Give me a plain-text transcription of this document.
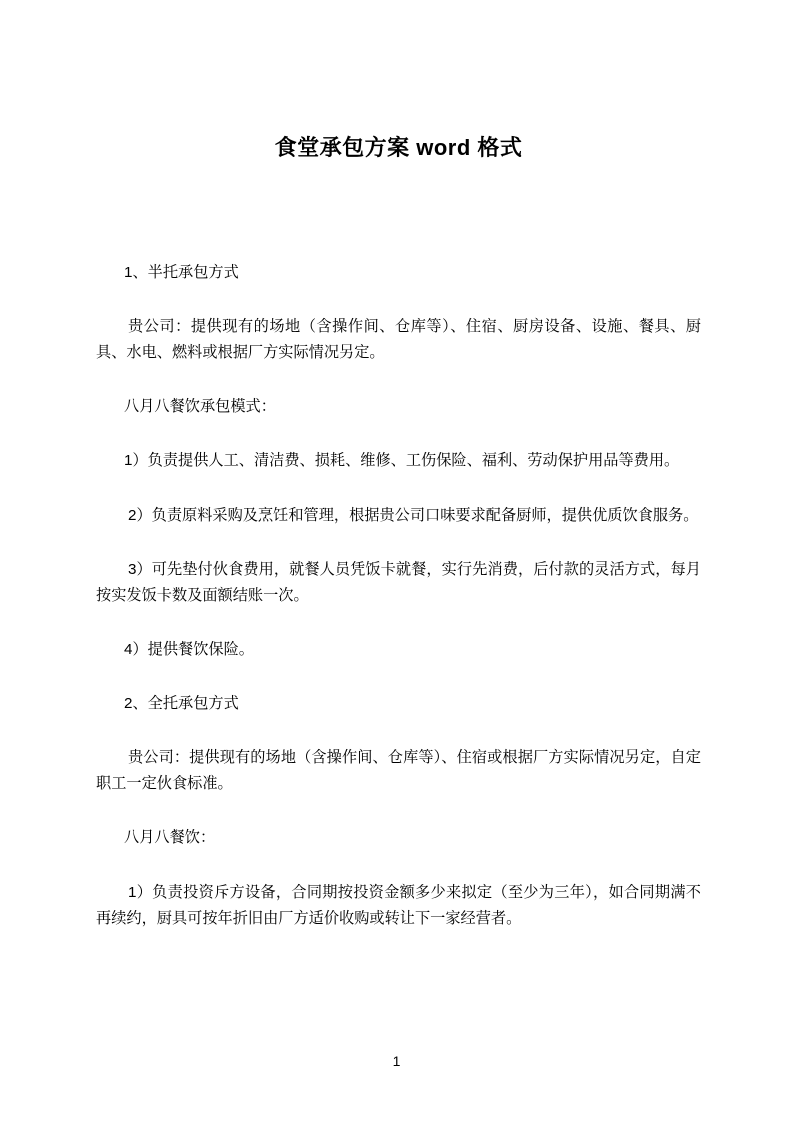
食堂承包方案 word 格式

1、半托承包方式

贵公司：提供现有的场地（含操作间、仓库等）、住宿、厨房设备、设施、餐具、厨具、水电、燃料或根据厂方实际情况另定。

八月八餐饮承包模式：

1）负责提供人工、清洁费、损耗、维修、工伤保险、福利、劳动保护用品等费用。

2）负责原料采购及烹饪和管理，根据贵公司口味要求配备厨师，提供优质饮食服务。

3）可先垫付伙食费用，就餐人员凭饭卡就餐，实行先消费，后付款的灵活方式，每月按实发饭卡数及面额结账一次。

4）提供餐饮保险。

2、全托承包方式

贵公司：提供现有的场地（含操作间、仓库等）、住宿或根据厂方实际情况另定，自定职工一定伙食标准。

八月八餐饮：

1）负责投资斥方设备，合同期按投资金额多少来拟定（至少为三年），如合同期满不再续约，厨具可按年折旧由厂方适价收购或转让下一家经营者。

1
